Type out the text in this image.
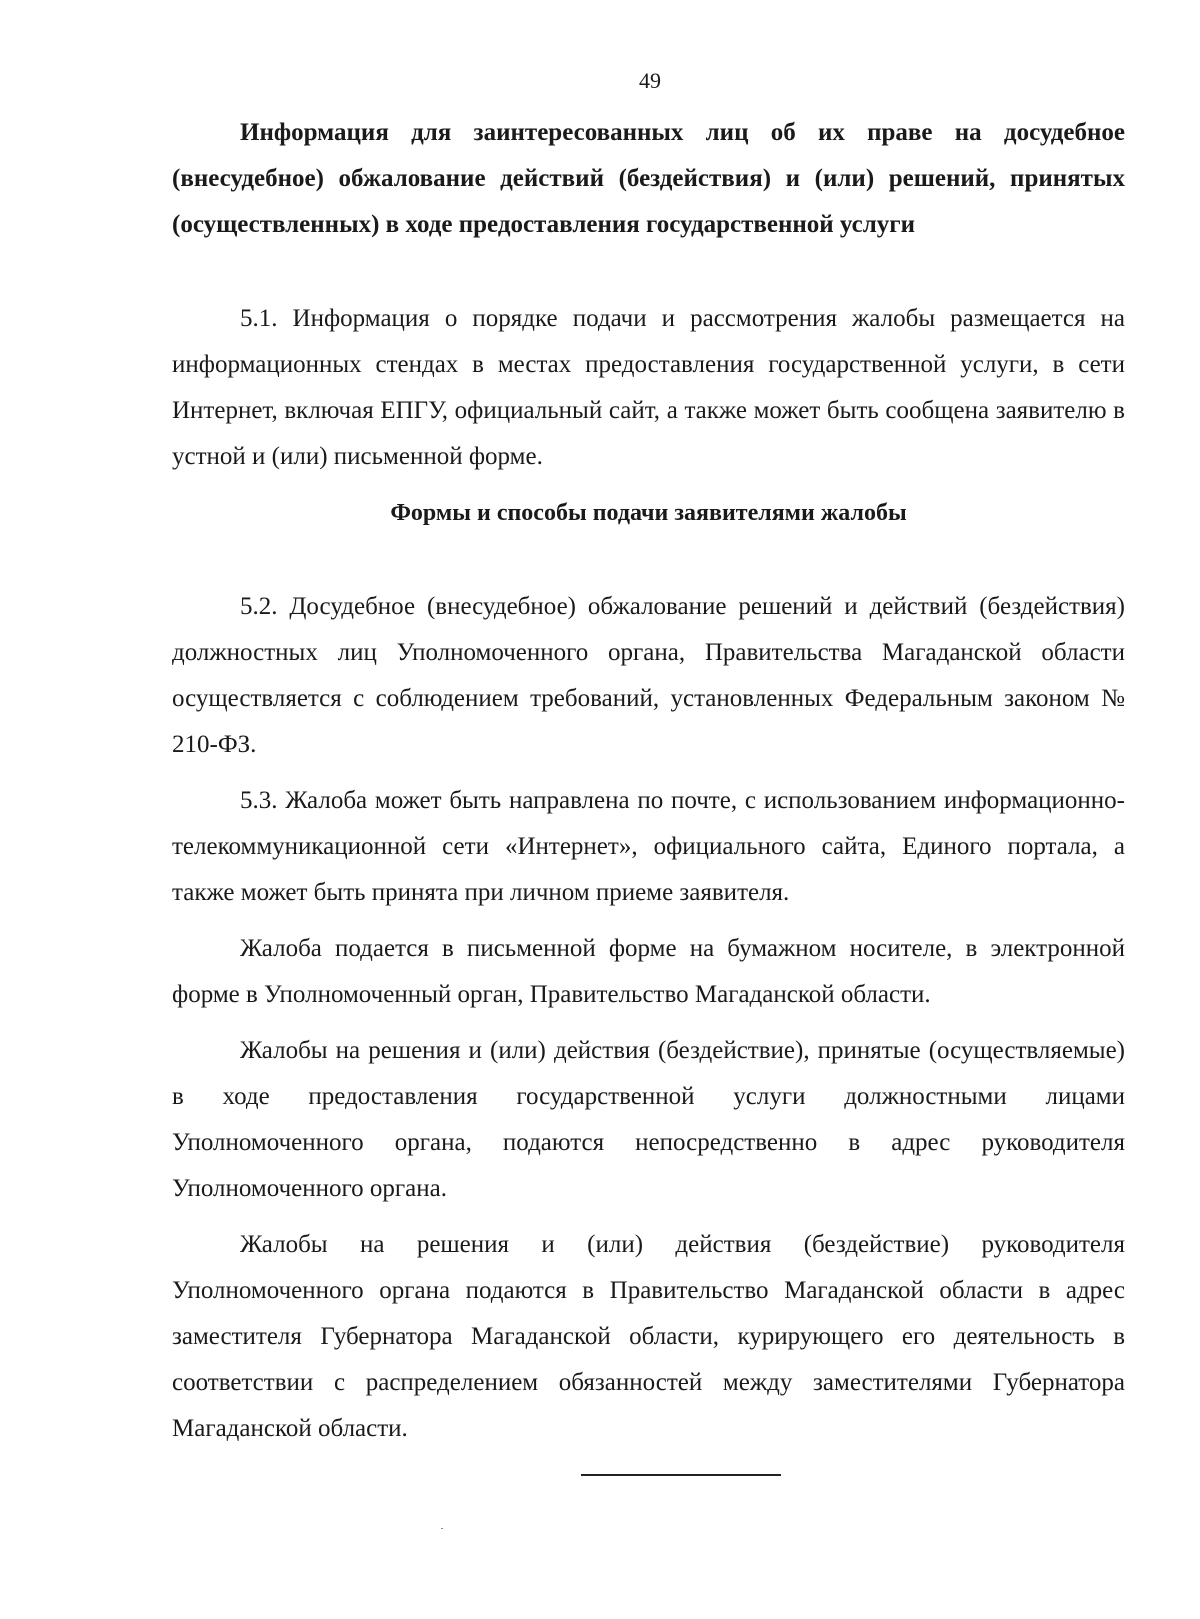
49
Информация для заинтересованных лиц об их праве на досудебное (внесудебное) обжалование действий (бездействия) и (или) решений, принятых (осуществленных) в ходе предоставления государственной услуги

5.1. Информация о порядке подачи и рассмотрения жалобы размещается на информационных стендах в местах предоставления государственной услуги, в сети Интернет, включая ЕПГУ, официальный сайт, а также может быть сообщена заявителю в устной и (или) письменной форме.

Формы и способы подачи заявителями жалобы

5.2. Досудебное (внесудебное) обжалование решений и действий (бездействия) должностных лиц Уполномоченного органа, Правительства Магаданской области осуществляется с соблюдением требований, установленных Федеральным законом № 210-ФЗ.

5.3. Жалоба может быть направлена по почте, с использованием информационно-телекоммуникационной сети «Интернет», официального сайта, Единого портала, а также может быть принята при личном приеме заявителя.

Жалоба подается в письменной форме на бумажном носителе, в электронной форме в Уполномоченный орган, Правительство Магаданской области.

Жалобы на решения и (или) действия (бездействие), принятые (осуществляемые) в ходе предоставления государственной услуги должностными лицами Уполномоченного органа, подаются непосредственно в адрес руководителя Уполномоченного органа.

Жалобы на решения и (или) действия (бездействие) руководителя Уполномоченного органа подаются в Правительство Магаданской области в адрес заместителя Губернатора Магаданской области, курирующего его деятельность в соответствии с распределением обязанностей между заместителями Губернатора Магаданской области.
